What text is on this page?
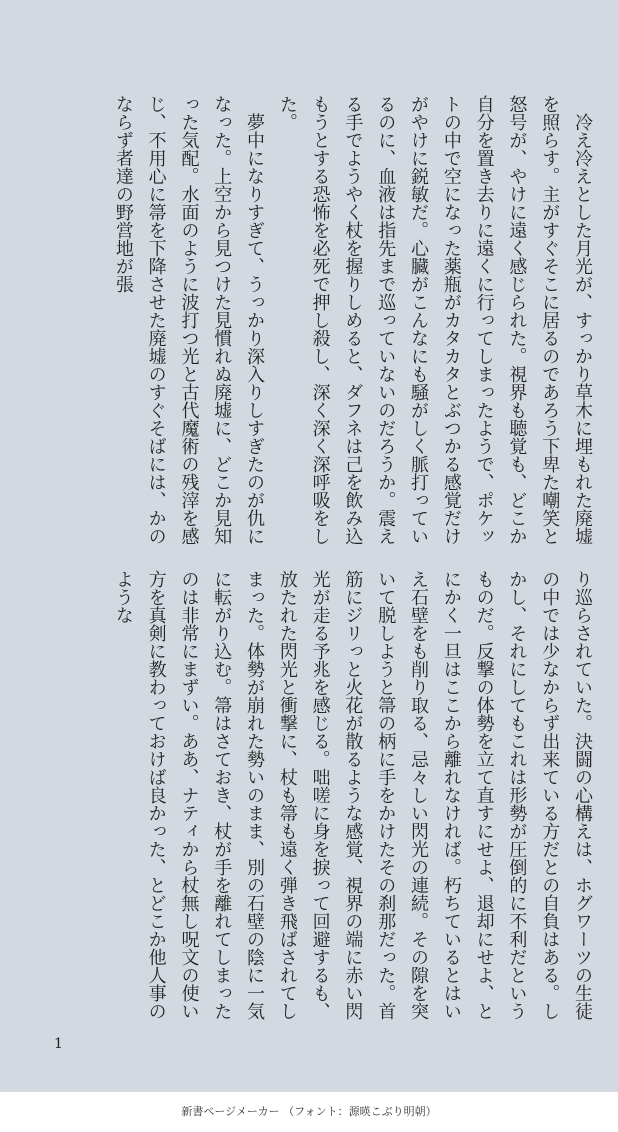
冷え冷えとした月光が、すっかり草木に埋もれた廃墟を照らす。主がすぐそこに居るのであろう下卑た嘲笑と怒号が、やけに遠く感じられた。視界も聴覚も、どこか自分を置き去りに遠くに行ってしまったようで、ポケットの中で空になった薬瓶がカタカタとぶつかる感覚だけがやけに鋭敏だ。心臓がこんなにも騒がしく脈打っているのに、血液は指先まで巡っていないのだろうか。震える手でようやく杖を握りしめると、ダフネは己を飲み込もうとする恐怖を必死で押し殺し、深く深く深呼吸をした。

夢中になりすぎて、うっかり深入りしすぎたのが仇になった。上空から見つけた見慣れぬ廃墟に、どこか見知った気配。水面のように波打つ光と古代魔術の残滓を感じ、不用心に箒を下降させた廃墟のすぐそばには、かのならず者達の野営地が張

り巡らされていた。決闘の心構えは、ホグワーツの生徒の中では少なからず出来ている方だとの自負はある。しかし、それにしてもこれは形勢が圧倒的に不利だというものだ。反撃の体勢を立て直すにせよ、退却にせよ、とにかく一旦はここから離れなければ。朽ちているとはいえ石壁をも削り取る、忌々しい閃光の連続。その隙を突いて脱しようと箒の柄に手をかけたその刹那だった。首筋にジリっと火花が散るような感覚、視界の端に赤い閃光が走る予兆を感じる。咄嗟に身を捩って回避するも、放たれた閃光と衝撃に、杖も箒も遠く弾き飛ばされてしまった。体勢が崩れた勢いのまま、別の石壁の陰に一気に転がり込む。箒はさておき、杖が手を離れてしまったのは非常にまずい。ああ、ナティから杖無し呪文の使い方を真剣に教わっておけば良かった、とどこか他人事のような

1
新書ページメーカー （フォント：源暎こぶり明朝）
